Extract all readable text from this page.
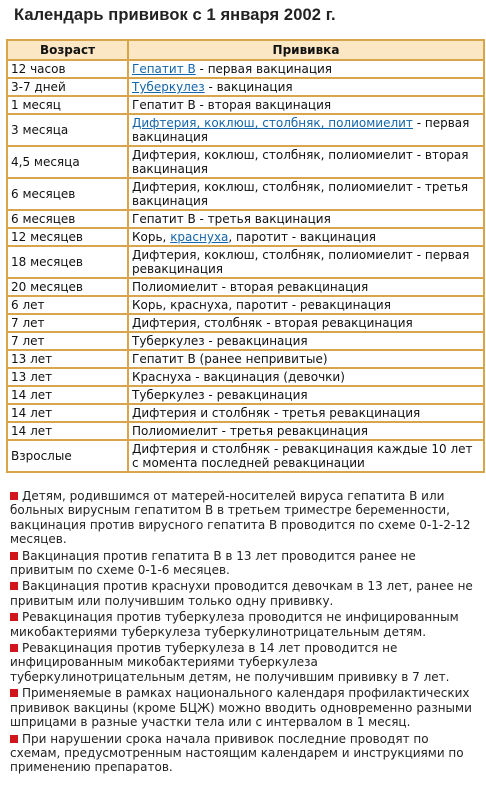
Календарь прививок с 1 января 2002 г.
Возраст	Прививка
12 часов	Гепатит В - первая вакцинация
3-7 дней	Туберкулез - вакцинация
1 месяц	Гепатит В - вторая вакцинация
3 месяца	Дифтерия, коклюш, столбняк, полиомиелит - первая вакцинация
4,5 месяца	Дифтерия, коклюш, столбняк, полиомиелит - вторая вакцинация
6 месяцев	Дифтерия, коклюш, столбняк, полиомиелит - третья вакцинация
6 месяцев	Гепатит В - третья вакцинация
12 месяцев	Корь, краснуха, паротит - вакцинация
18 месяцев	Дифтерия, коклюш, столбняк, полиомиелит - первая ревакцинация
20 месяцев	Полиомиелит - вторая ревакцинация
6 лет	Корь, краснуха, паротит - ревакцинация
7 лет	Дифтерия, столбняк - вторая ревакцинация
7 лет	Туберкулез - ревакцинация
13 лет	Гепатит В (ранее непривитые)
13 лет	Краснуха - вакцинация (девочки)
14 лет	Туберкулез - ревакцинация
14 лет	Дифтерия и столбняк - третья ревакцинация
14 лет	Полиомиелит - третья ревакцинация
Взрослые	Дифтерия и столбняк - ревакцинация каждые 10 лет с момента последней ревакцинации
Детям, родившимся от матерей-носителей вируса гепатита В или больных вирусным гепатитом В в третьем триместре беременности, вакцинация против вирусного гепатита В проводится по схеме 0-1-2-12 месяцев.
Вакцинация против гепатита В в 13 лет проводится ранее не привитым по схеме 0-1-6 месяцев.
Вакцинация против краснухи проводится девочкам в 13 лет, ранее не привитым или получившим только одну прививку.
Ревакцинация против туберкулеза проводится не инфицированным микобактериями туберкулеза туберкулинотрицательным детям.
Ревакцинация против туберкулеза в 14 лет проводится не инфицированным микобактериями туберкулеза туберкулинотрицательным детям, не получившим прививку в 7 лет.
Применяемые в рамках национального календаря профилактических прививок вакцины (кроме БЦЖ) можно вводить одновременно разными шприцами в разные участки тела или с интервалом в 1 месяц.
При нарушении срока начала прививок последние проводят по схемам, предусмотренным настоящим календарем и инструкциями по применению препаратов.
